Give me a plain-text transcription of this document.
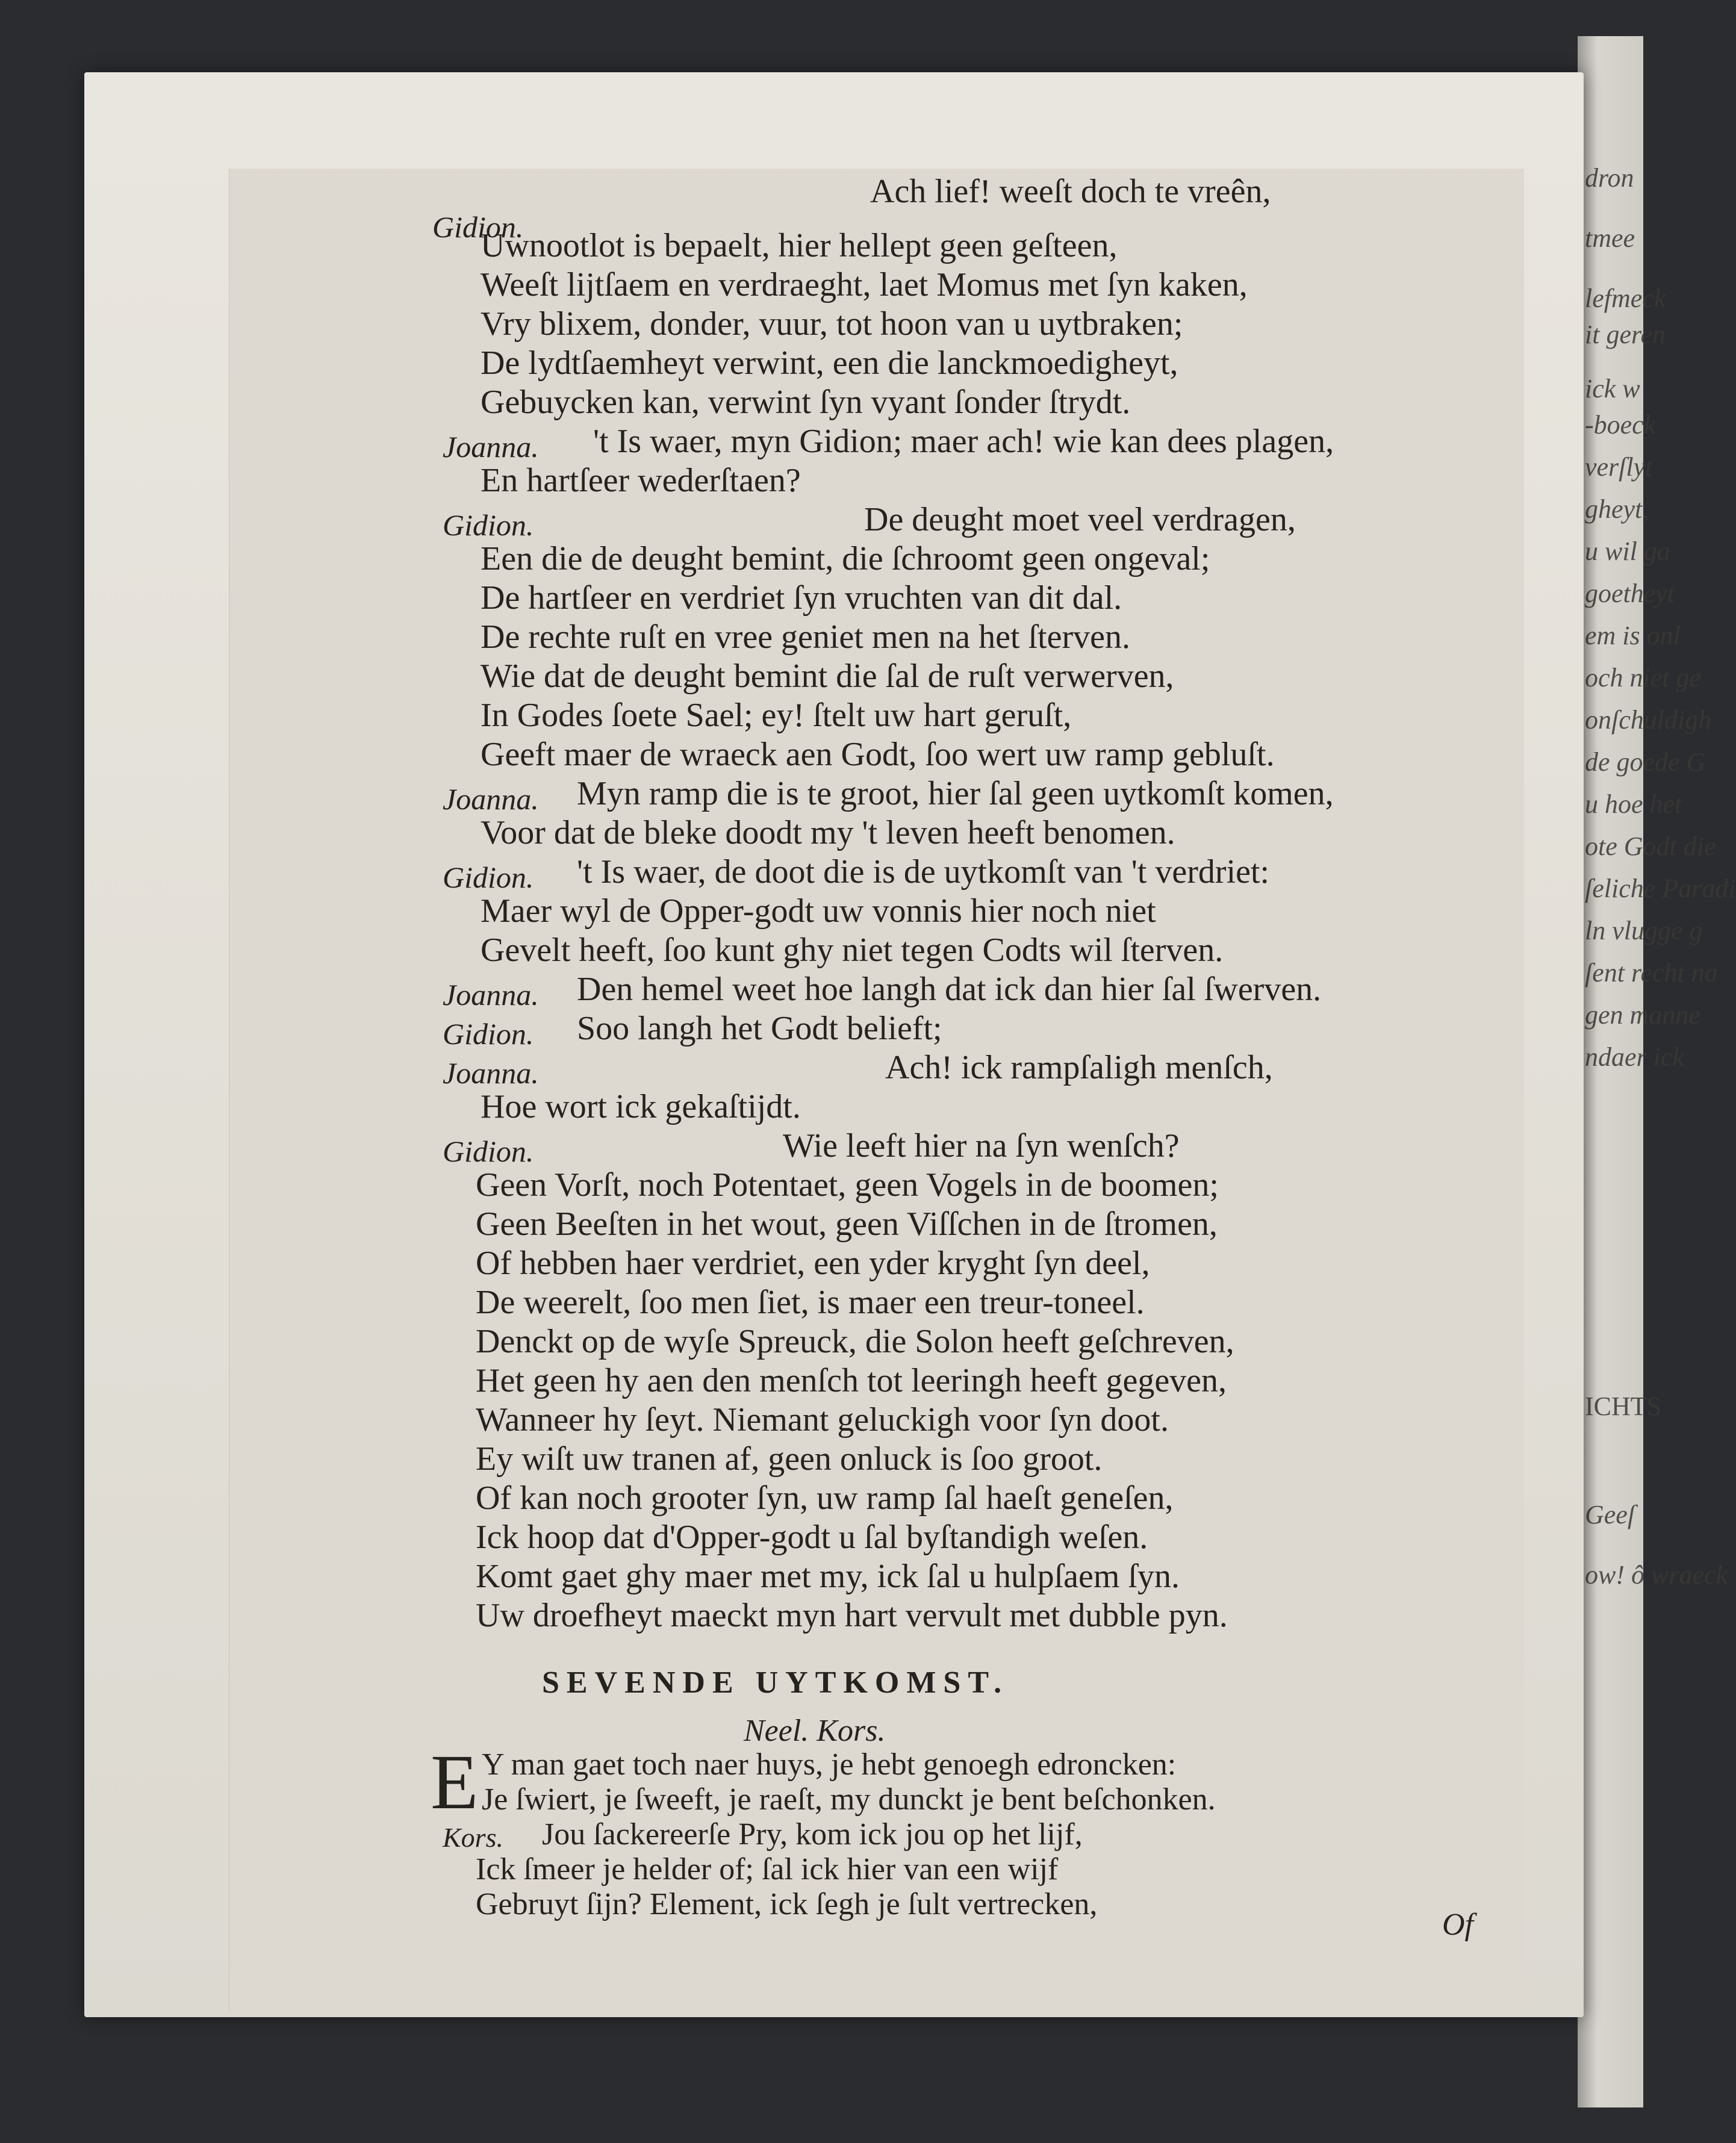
dron
tmee
lefmeck
it geren
ick w
-boeck
verſlyt
gheyt,
u wil ga
goetheyt
em is onl
och niet ge
onſchuldigh
de goede G
u hoe het
ote Godt die
ſeliche Paradi
ln vlugge g
ſent recht na
gen manne
ndaer ick
ICHTS
Geeſ
ow! ô wraeck
Ach lief! weeſt doch te vreên,
Gidion.
Uwnootlot is bepaelt, hier hellept geen geſteen,
Weeſt lijtſaem en verdraeght, laet Momus met ſyn kaken,
Vry blixem, donder, vuur, tot hoon van u uytbraken;
De lydtſaemheyt verwint, een die lanckmoedigheyt,
Gebuycken kan, verwint ſyn vyant ſonder ſtrydt.
Joanna. 't Is waer, myn Gidion; maer ach! wie kan dees plagen,
En hartſeer wederſtaen?
Gidion.	De deught moet veel verdragen,
Een die de deught bemint, die ſchroomt geen ongeval;
De hartſeer en verdriet ſyn vruchten van dit dal.
De rechte ruſt en vree geniet men na het ſterven.
Wie dat de deught bemint die ſal de ruſt verwerven,
In Godes ſoete Sael; ey! ſtelt uw hart geruſt,
Geeft maer de wraeck aen Godt, ſoo wert uw ramp gebluſt.
Joanna. Myn ramp die is te groot, hier ſal geen uytkomſt komen,
Voor dat de bleke doodt my 't leven heeft benomen.
Gidion. 't Is waer, de doot die is de uytkomſt van 't verdriet:
Maer wyl de Opper-godt uw vonnis hier noch niet
Gevelt heeft, ſoo kunt ghy niet tegen Codts wil ſterven.
Joanna. Den hemel weet hoe langh dat ick dan hier ſal ſwerven.
Gidion. Soo langh het Godt belieft;
Joanna.	Ach! ick rampſaligh menſch,
Hoe wort ick gekaſtijdt.
Gidion.	Wie leeft hier na ſyn wenſch?
Geen Vorſt, noch Potentaet, geen Vogels in de boomen;
Geen Beeſten in het wout, geen Viſſchen in de ſtromen,
Of hebben haer verdriet, een yder kryght ſyn deel,
De weerelt, ſoo men ſiet, is maer een treur-toneel.
Denckt op de wyſe Spreuck, die Solon heeft geſchreven,
Het geen hy aen den menſch tot leeringh heeft gegeven,
Wanneer hy ſeyt. Niemant geluckigh voor ſyn doot.
Ey wiſt uw tranen af, geen onluck is ſoo groot.
Of kan noch grooter ſyn, uw ramp ſal haeſt geneſen,
Ick hoop dat d'Opper-godt u ſal byſtandigh weſen.
Komt gaet ghy maer met my, ick ſal u hulpſaem ſyn.
Uw droefheyt maeckt myn hart vervult met dubble pyn.
SEVENDE UYTKOMST.
Neel. Kors.
E Y man gaet toch naer huys, je hebt genoegh edroncken:
Je ſwiert, je ſweeft, je raeſt, my dunckt je bent beſchonken.
Kors. Jou ſackereerſe Pry, kom ick jou op het lijf,
Ick ſmeer je helder of; ſal ick hier van een wijf
Gebruyt ſijn? Element, ick ſegh je ſult vertrecken,
Of
